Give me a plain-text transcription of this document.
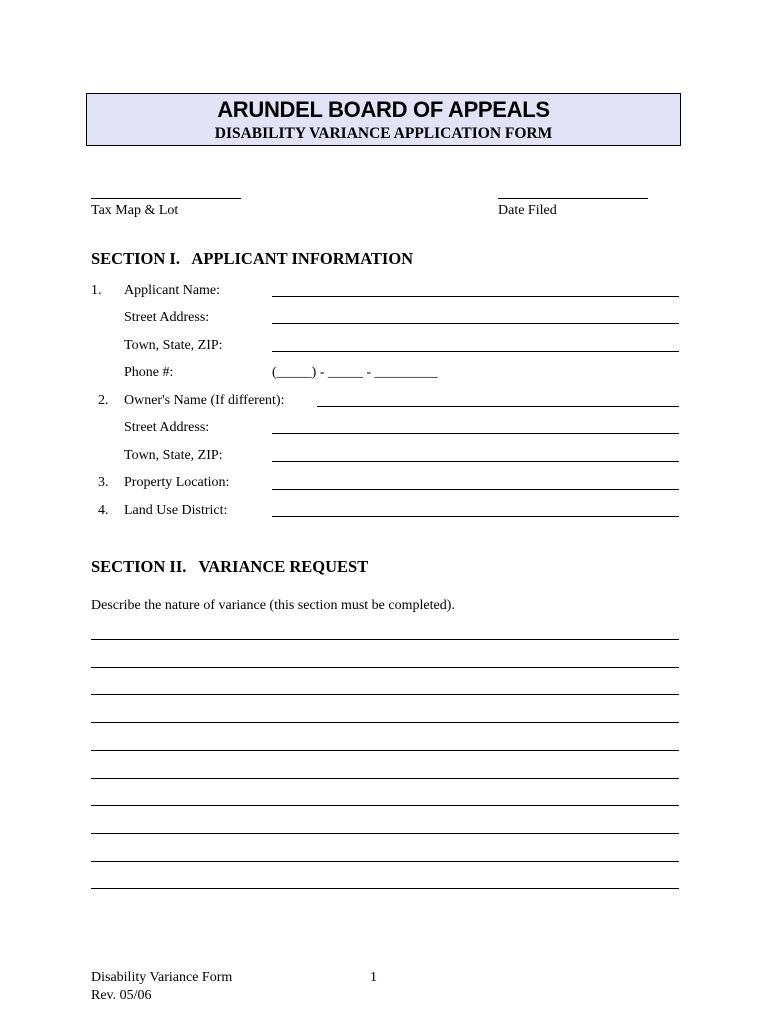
ARUNDEL BOARD OF APPEALS
DISABILITY VARIANCE APPLICATION FORM
Tax Map & Lot	Date Filed
SECTION I.   APPLICANT INFORMATION
1. Applicant Name:
Street Address:
Town, State, ZIP:
Phone #:	(_____) - _____ - _________
2. Owner's Name (If different):
Street Address:
Town, State, ZIP:
3. Property Location:
4. Land Use District:
SECTION II.   VARIANCE REQUEST
Describe the nature of variance (this section must be completed).
Disability Variance Form	1
Rev. 05/06
